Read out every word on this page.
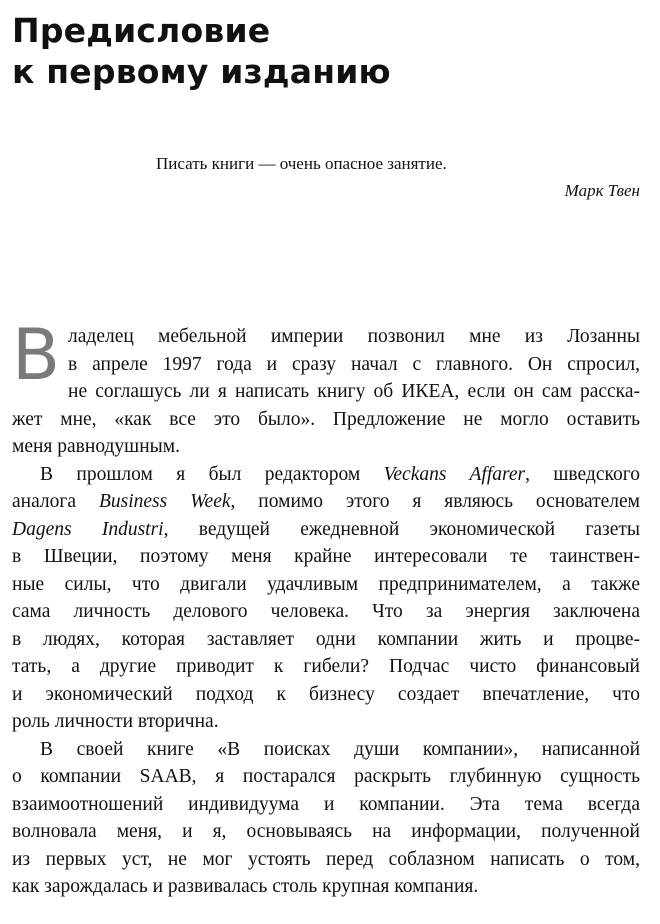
Предисловие
к первому изданию
Писать книги — очень опасное занятие.
Марк Твен

В ладелец мебельной империи позвонил мне из Лозанны
в апреле 1997 года и сразу начал с главного. Он спросил,
не соглашусь ли я написать книгу об ИКЕА, если он сам расска-
жет мне, «как все это было». Предложение не могло оставить
меня равнодушным.

В прошлом я был редактором Veckans Affarer, шведского
аналога Business Week, помимо этого я являюсь основателем
Dagens Industri, ведущей ежедневной экономической газеты
в Швеции, поэтому меня крайне интересовали те таинствен-
ные силы, что двигали удачливым предпринимателем, а также
сама личность делового человека. Что за энергия заключена
в людях, которая заставляет одни компании жить и процве-
тать, а другие приводит к гибели? Подчас чисто финансовый
и экономический подход к бизнесу создает впечатление, что
роль личности вторична.

В своей книге «В поисках души компании», написанной
о компании SAAB, я постарался раскрыть глубинную сущность
взаимоотношений индивидуума и компании. Эта тема всегда
волновала меня, и я, основываясь на информации, полученной
из первых уст, не мог устоять перед соблазном написать о том,
как зарождалась и развивалась столь крупная компания.
